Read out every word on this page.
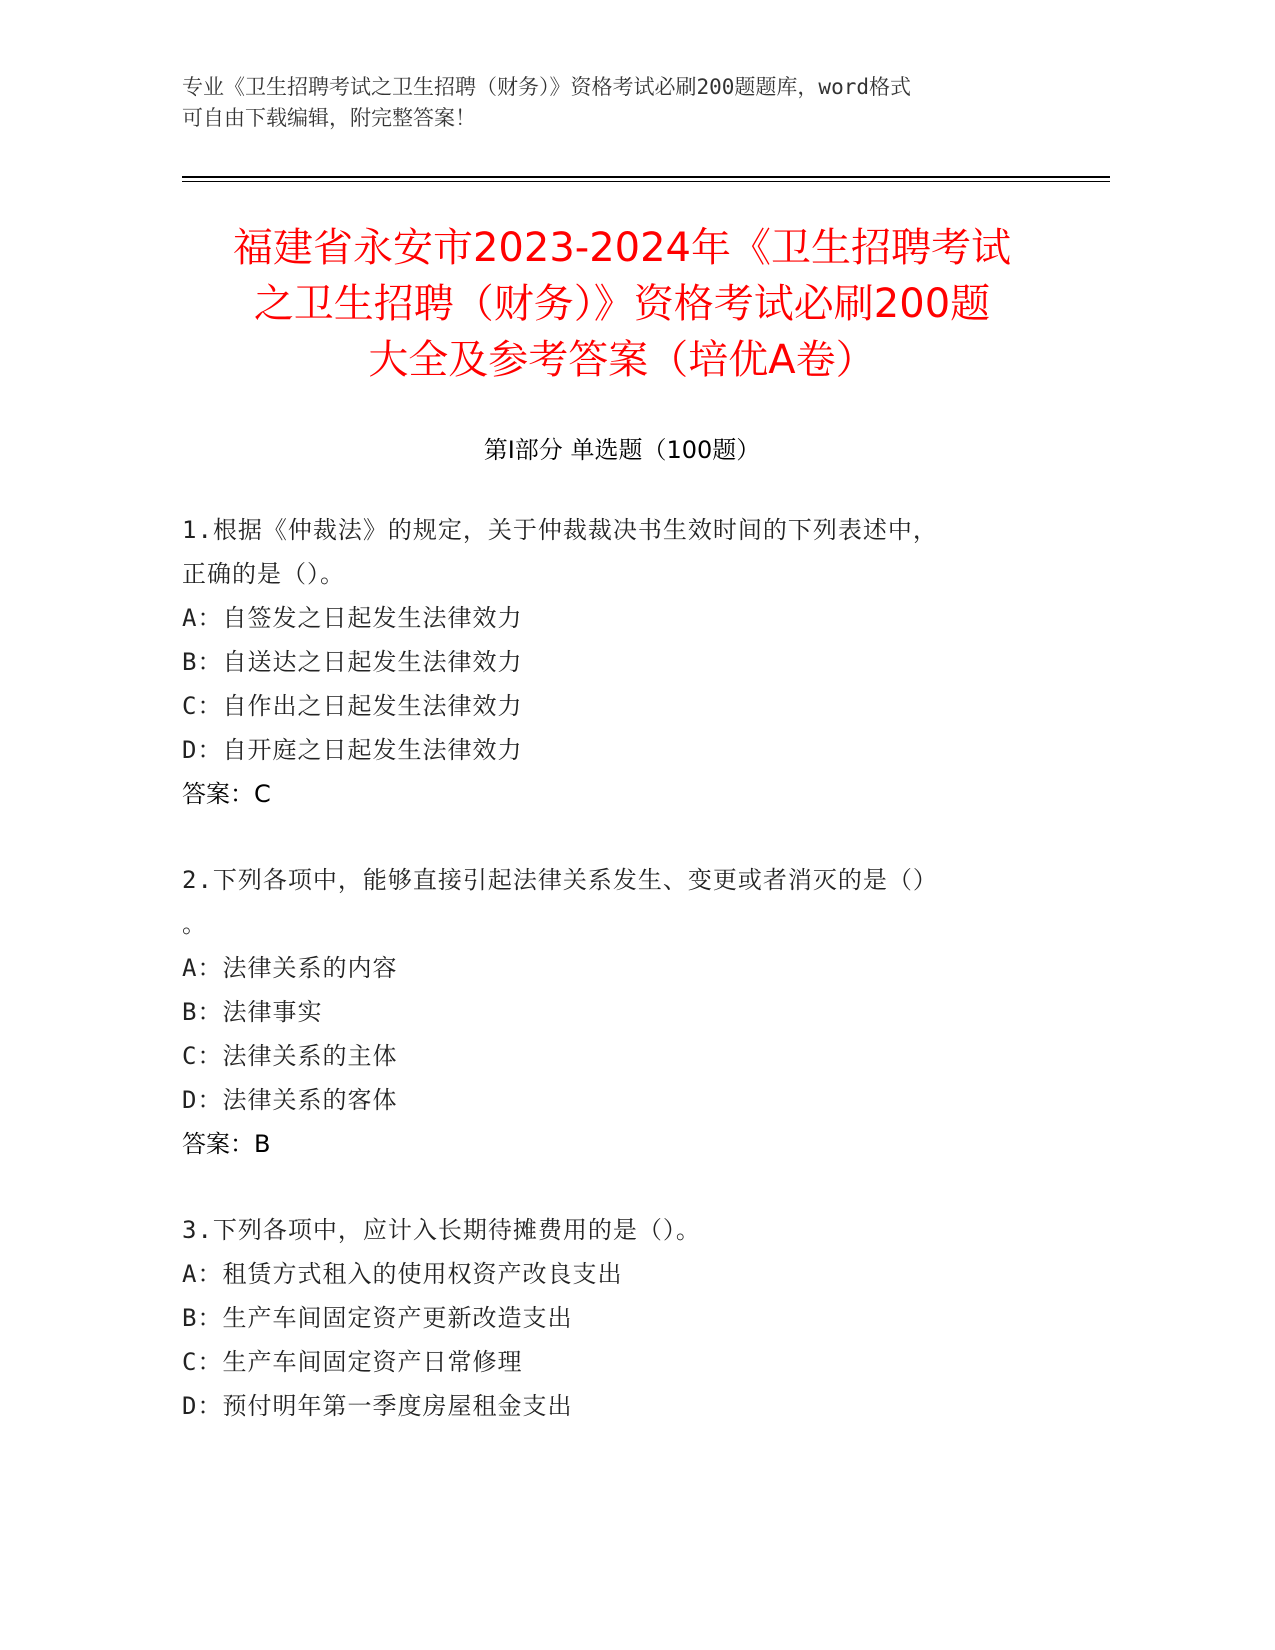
专业《卫生招聘考试之卫生招聘（财务）》资格考试必刷200题题库，word格式
可自由下载编辑，附完整答案！
福建省永安市2023-2024年《卫生招聘考试
之卫生招聘（财务）》资格考试必刷200题
大全及参考答案（培优A卷）
第Ⅰ部分 单选题（100题）
1.根据《仲裁法》的规定，关于仲裁裁决书生效时间的下列表述中，
正确的是（）。
A：自签发之日起发生法律效力
B：自送达之日起发生法律效力
C：自作出之日起发生法律效力
D：自开庭之日起发生法律效力
答案：C
2.下列各项中，能够直接引起法律关系发生、变更或者消灭的是（）
。
A：法律关系的内容
B：法律事实
C：法律关系的主体
D：法律关系的客体
答案：B
3.下列各项中，应计入长期待摊费用的是（）。
A：租赁方式租入的使用权资产改良支出
B：生产车间固定资产更新改造支出
C：生产车间固定资产日常修理
D：预付明年第一季度房屋租金支出
